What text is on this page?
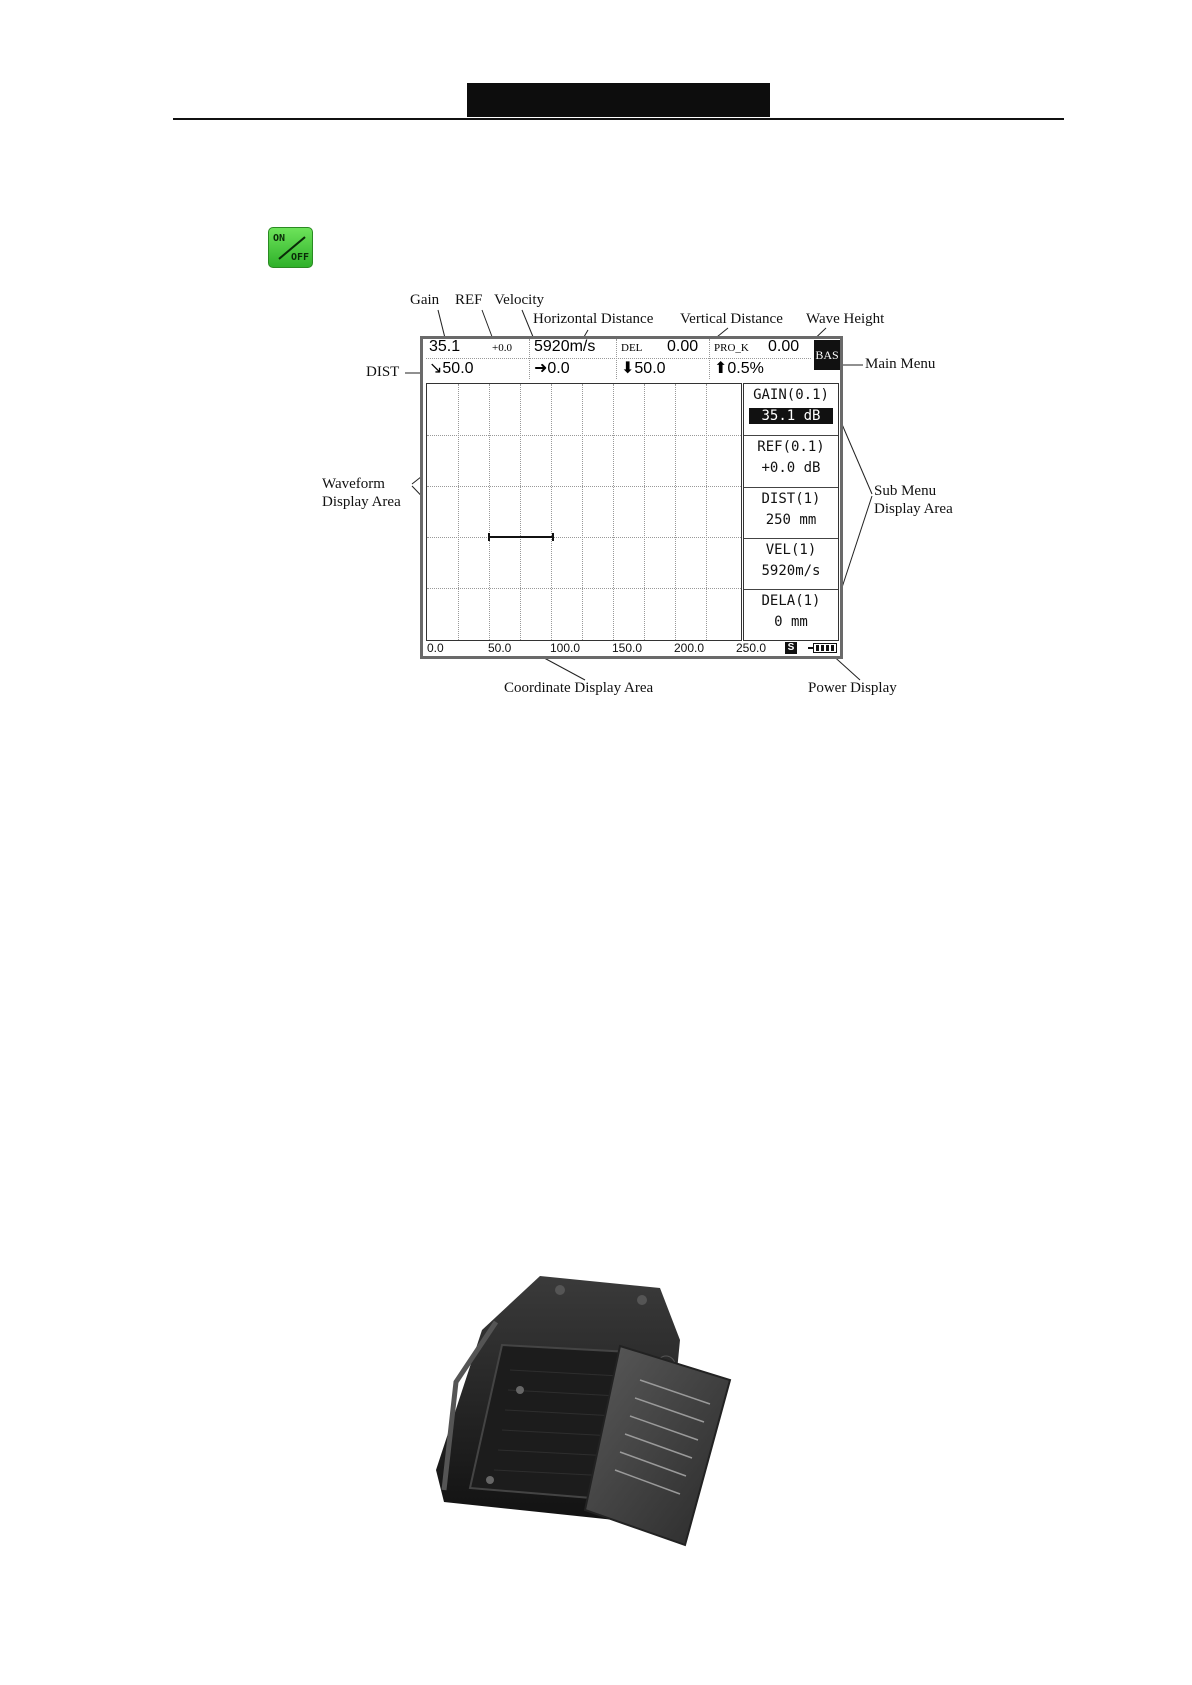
ON
OFF
Gain REF Velocity
Horizontal Distance Vertical Distance Wave Height
DIST	Main Menu
Waveform
Display Area
Sub Menu
Display Area
Coordinate Display Area	Power Display
35.1	+0.0 5920m/s DEL 0.00 PRO_K 0.00
↘50.0	➜0.0	⬇50.0	⬆0.5%
BAS
GAIN(0.1)
35.1 dB
REF(0.1)
+0.0 dB
DIST(1)
250 mm
VEL(1)
5920m/s
DELA(1)
0 mm
0.0	50.0	100.0	150.0	200.0	250.0 S
